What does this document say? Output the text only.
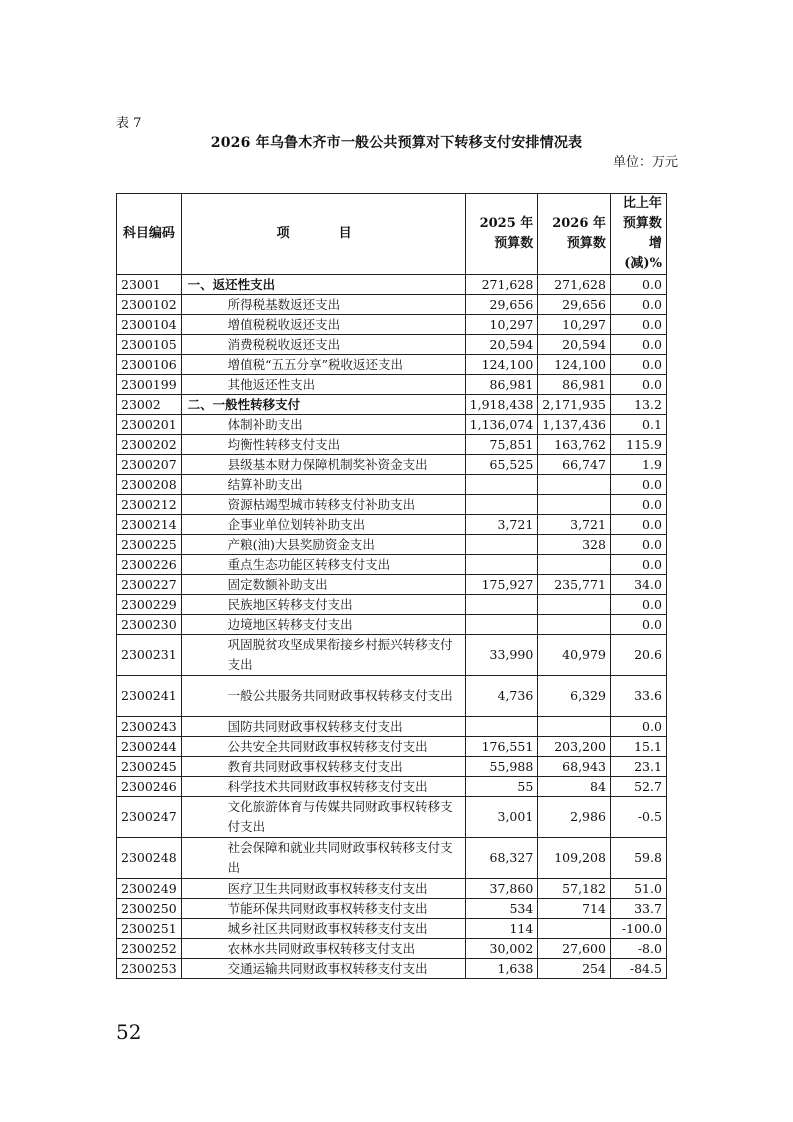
表 7
2026 年乌鲁木齐市一般公共预算对下转移支付安排情况表
单位：万元
科目编码	项　目	2025 年预算数	2026 年预算数	比上年预算数增(减)%
23001	一、返还性支出	271,628	271,628	0.0
2300102	所得税基数返还支出	29,656	29,656	0.0
2300104	增值税税收返还支出	10,297	10,297	0.0
2300105	消费税税收返还支出	20,594	20,594	0.0
2300106	增值税“五五分享”税收返还支出	124,100	124,100	0.0
2300199	其他返还性支出	86,981	86,981	0.0
23002	二、一般性转移支付	1,918,438	2,171,935	13.2
2300201	体制补助支出	1,136,074	1,137,436	0.1
2300202	均衡性转移支付支出	75,851	163,762	115.9
2300207	县级基本财力保障机制奖补资金支出	65,525	66,747	1.9
2300208	结算补助支出			0.0
2300212	资源枯竭型城市转移支付补助支出			0.0
2300214	企事业单位划转补助支出	3,721	3,721	0.0
2300225	产粮(油)大县奖励资金支出		328	0.0
2300226	重点生态功能区转移支付支出			0.0
2300227	固定数额补助支出	175,927	235,771	34.0
2300229	民族地区转移支付支出			0.0
2300230	边境地区转移支付支出			0.0
2300231	巩固脱贫攻坚成果衔接乡村振兴转移支付支出	33,990	40,979	20.6
2300241	一般公共服务共同财政事权转移支付支出	4,736	6,329	33.6
2300243	国防共同财政事权转移支付支出			0.0
2300244	公共安全共同财政事权转移支付支出	176,551	203,200	15.1
2300245	教育共同财政事权转移支付支出	55,988	68,943	23.1
2300246	科学技术共同财政事权转移支付支出	55	84	52.7
2300247	文化旅游体育与传媒共同财政事权转移支付支出	3,001	2,986	-0.5
2300248	社会保障和就业共同财政事权转移支付支出	68,327	109,208	59.8
2300249	医疗卫生共同财政事权转移支付支出	37,860	57,182	51.0
2300250	节能环保共同财政事权转移支付支出	534	714	33.7
2300251	城乡社区共同财政事权转移支付支出	114		-100.0
2300252	农林水共同财政事权转移支付支出	30,002	27,600	-8.0
2300253	交通运输共同财政事权转移支付支出	1,638	254	-84.5
52
